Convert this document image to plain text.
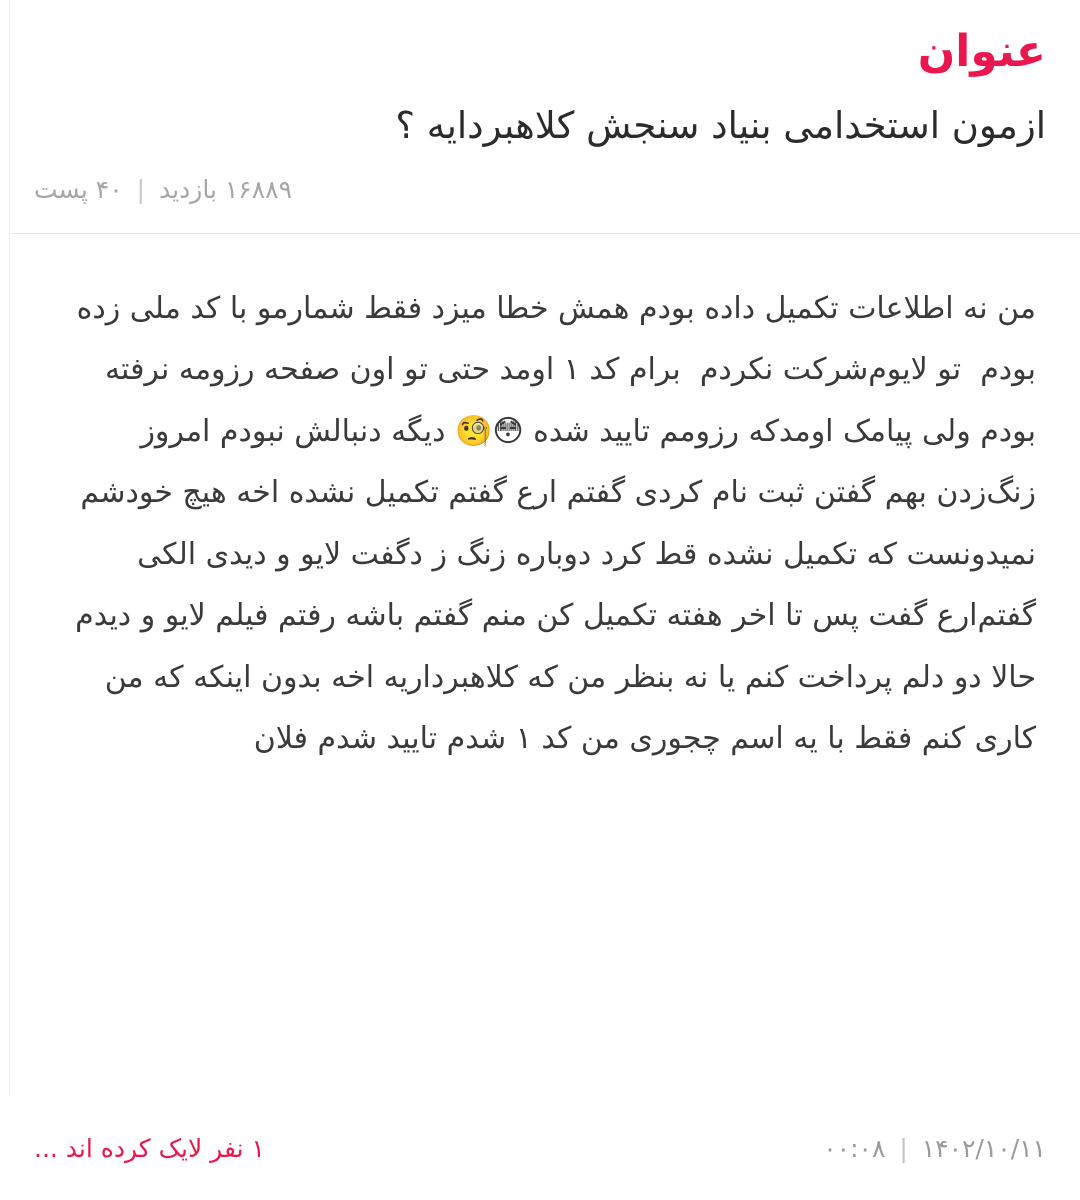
عنوان
ازمون استخدامی بنیاد سنجش کلاهبردایه ؟
۱۶۸۸۹ بازدید
|
۴۰ پست
من نه اطلاعات تکمیل داده بودم همش خطا میزد فقط شمارمو با کد ملی زده بودم  تو لایوم‌شرکت نکردم  برام کد ۱ اومد حتی تو اون صفحه رزومه نرفته بودم ولی پیامک اومدکه رزومم تایید شده 😳🧐 دیگه دنبالش نبودم امروز زنگ‌زدن بهم گفتن ثبت نام کردی گفتم ارع گفتم تکمیل نشده اخه هیچ خودشم نمیدونست که تکمیل نشده قط کرد دوباره زنگ ز دگفت لایو و دیدی الکی گفتم‌ارع گفت پس تا اخر هفته تکمیل کن منم گفتم باشه رفتم فیلم لایو و دیدم حالا دو دلم پرداخت کنم یا نه بنظر من که کلاهبرداریه اخه بدون اینکه که من کاری کنم فقط با یه اسم چجوری من کد ۱ شدم تایید شدم فلان
۱ نفر لایک کرده اند ...	۰۰:۰۸ | ۱۴۰۲/۱۰/۱۱
